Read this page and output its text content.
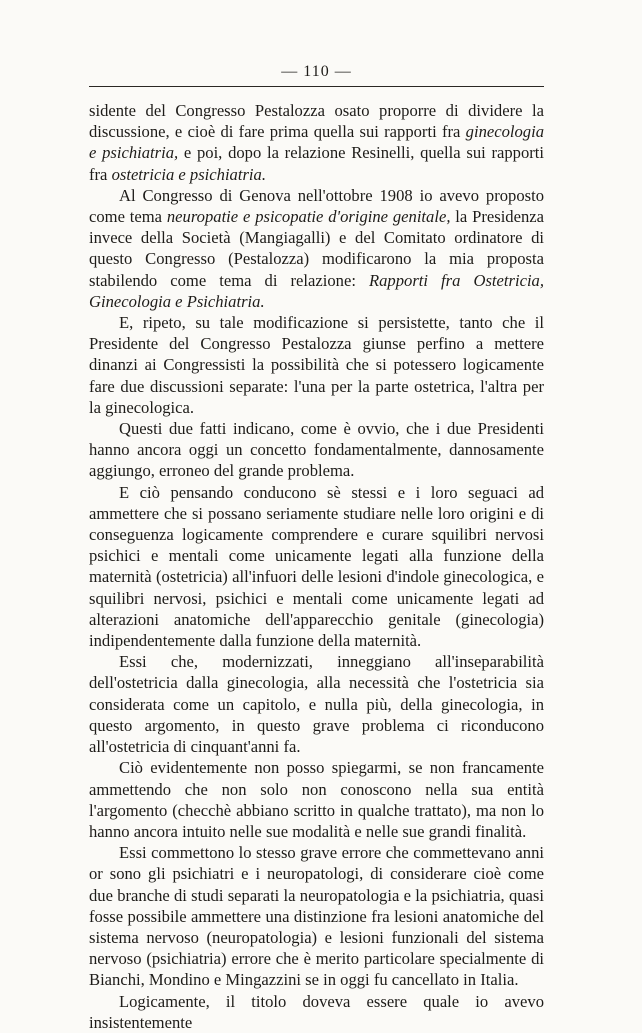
— 110 —

sidente del Congresso Pestalozza osato proporre di dividere la discussione, e cioè di fare prima quella sui rapporti fra ginecologia e psichiatria, e poi, dopo la relazione Resinelli, quella sui rapporti fra ostetricia e psichiatria.

Al Congresso di Genova nell'ottobre 1908 io avevo proposto come tema neuropatie e psicopatie d'origine genitale, la Presidenza invece della Società (Mangiagalli) e del Comitato ordinatore di questo Congresso (Pestalozza) modificarono la mia proposta stabilendo come tema di relazione: Rapporti fra Ostetricia, Ginecologia e Psichiatria.

E, ripeto, su tale modificazione si persistette, tanto che il Presidente del Congresso Pestalozza giunse perfino a mettere dinanzi ai Congressisti la possibilità che si potessero logicamente fare due discussioni separate: l'una per la parte ostetrica, l'altra per la ginecologica.

Questi due fatti indicano, come è ovvio, che i due Presidenti hanno ancora oggi un concetto fondamentalmente, dannosamente aggiungo, erroneo del grande problema.

E ciò pensando conducono sè stessi e i loro seguaci ad ammettere che si possano seriamente studiare nelle loro origini e di conseguenza logicamente comprendere e curare squilibri nervosi psichici e mentali come unicamente legati alla funzione della maternità (ostetricia) all'infuori delle lesioni d'indole ginecologica, e squilibri nervosi, psichici e mentali come unicamente legati ad alterazioni anatomiche dell'apparecchio genitale (ginecologia) indipendentemente dalla funzione della maternità.

Essi che, modernizzati, inneggiano all'inseparabilità dell'ostetricia dalla ginecologia, alla necessità che l'ostetricia sia considerata come un capitolo, e nulla più, della ginecologia, in questo argomento, in questo grave problema ci riconducono all'ostetricia di cinquant'anni fa.

Ciò evidentemente non posso spiegarmi, se non francamente ammettendo che non solo non conoscono nella sua entità l'argomento (checchè abbiano scritto in qualche trattato), ma non lo hanno ancora intuito nelle sue modalità e nelle sue grandi finalità.

Essi commettono lo stesso grave errore che commettevano anni or sono gli psichiatri e i neuropatologi, di considerare cioè come due branche di studi separati la neuropatologia e la psichiatria, quasi fosse possibile ammettere una distinzione fra lesioni anatomiche del sistema nervoso (neuropatologia) e lesioni funzionali del sistema nervoso (psichiatria) errore che è merito particolare specialmente di Bianchi, Mondino e Mingazzini se in oggi fu cancellato in Italia.

Logicamente, il titolo doveva essere quale io avevo insistentemente
